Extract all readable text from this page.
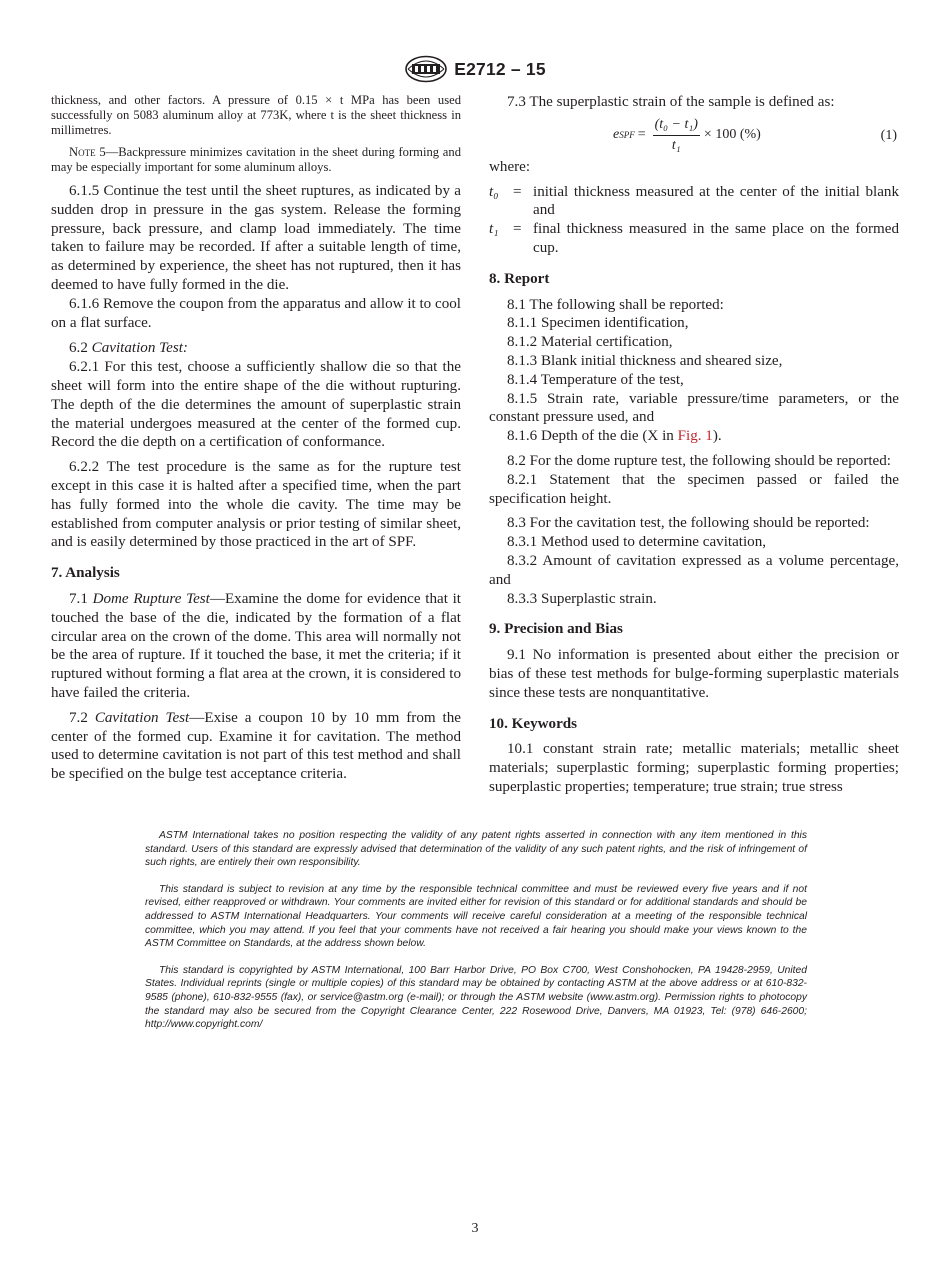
E2712 – 15

thickness, and other factors. A pressure of 0.15 × t MPa has been used successfully on 5083 aluminum alloy at 773K, where t is the sheet thickness in millimetres.

Note 5—Backpressure minimizes cavitation in the sheet during forming and may be especially important for some aluminum alloys.

6.1.5 Continue the test until the sheet ruptures, as indicated by a sudden drop in pressure in the gas system. Release the forming pressure, back pressure, and clamp load immediately. The time taken to failure may be recorded. If after a suitable length of time, as determined by experience, the sheet has not ruptured, then it has deemed to have fully formed in the die.

6.1.6 Remove the coupon from the apparatus and allow it to cool on a flat surface.

6.2 Cavitation Test:

6.2.1 For this test, choose a sufficiently shallow die so that the sheet will form into the entire shape of the die without rupturing. The depth of the die determines the amount of superplastic strain the material undergoes measured at the center of the formed cup. Record the die depth on a certification of conformance.

6.2.2 The test procedure is the same as for the rupture test except in this case it is halted after a specified time, when the part has fully formed into the whole die cavity. The time may be established from computer analysis or prior testing of similar sheet, and is easily determined by those practiced in the art of SPF.

7. Analysis

7.1 Dome Rupture Test—Examine the dome for evidence that it touched the base of the die, indicated by the formation of a flat circular area on the crown of the dome. This area will normally not be the area of rupture. If it touched the base, it met the criteria; if it ruptured without forming a flat area at the crown, it is considered to have failed the criteria.

7.2 Cavitation Test—Exise a coupon 10 by 10 mm from the center of the formed cup. Examine it for cavitation. The method used to determine cavitation is not part of this test method and shall be specified on the bulge test acceptance criteria.

7.3 The superplastic strain of the sample is defined as:

e SPF = $\frac{\text{(t₀ − t₁)}}{\text{t₁}} \times 100$ (%)	(1)

where:

t₀ = initial thickness measured at the center of the initial blank and
t₁ = final thickness measured in the same place on the formed cup.

8. Report

8.1 The following shall be reported:

8.1.1 Specimen identification,

8.1.2 Material certification,

8.1.3 Blank initial thickness and sheared size,

8.1.4 Temperature of the test,

8.1.5 Strain rate, variable pressure/time parameters, or the constant pressure used, and

8.1.6 Depth of the die (X in Fig. 1).

8.2 For the dome rupture test, the following should be reported:

8.2.1 Statement that the specimen passed or failed the specification height.

8.3 For the cavitation test, the following should be reported:

8.3.1 Method used to determine cavitation,

8.3.2 Amount of cavitation expressed as a volume percentage, and

8.3.3 Superplastic strain.

9. Precision and Bias

9.1 No information is presented about either the precision or bias of these test methods for bulge-forming superplastic materials since these tests are nonquantitative.

10. Keywords

10.1 constant strain rate; metallic materials; metallic sheet materials; superplastic forming; superplastic forming properties; superplastic properties; temperature; true strain; true stress

ASTM International takes no position respecting the validity of any patent rights asserted in connection with any item mentioned in this standard. Users of this standard are expressly advised that determination of the validity of any such patent rights, and the risk of infringement of such rights, are entirely their own responsibility.

This standard is subject to revision at any time by the responsible technical committee and must be reviewed every five years and if not revised, either reapproved or withdrawn. Your comments are invited either for revision of this standard or for additional standards and should be addressed to ASTM International Headquarters. Your comments will receive careful consideration at a meeting of the responsible technical committee, which you may attend. If you feel that your comments have not received a fair hearing you should make your views known to the ASTM Committee on Standards, at the address shown below.

This standard is copyrighted by ASTM International, 100 Barr Harbor Drive, PO Box C700, West Conshohocken, PA 19428-2959, United States. Individual reprints (single or multiple copies) of this standard may be obtained by contacting ASTM at the above address or at 610-832-9585 (phone), 610-832-9555 (fax), or service@astm.org (e-mail); or through the ASTM website (www.astm.org). Permission rights to photocopy the standard may also be secured from the Copyright Clearance Center, 222 Rosewood Drive, Danvers, MA 01923, Tel: (978) 646-2600; http://www.copyright.com/

3
